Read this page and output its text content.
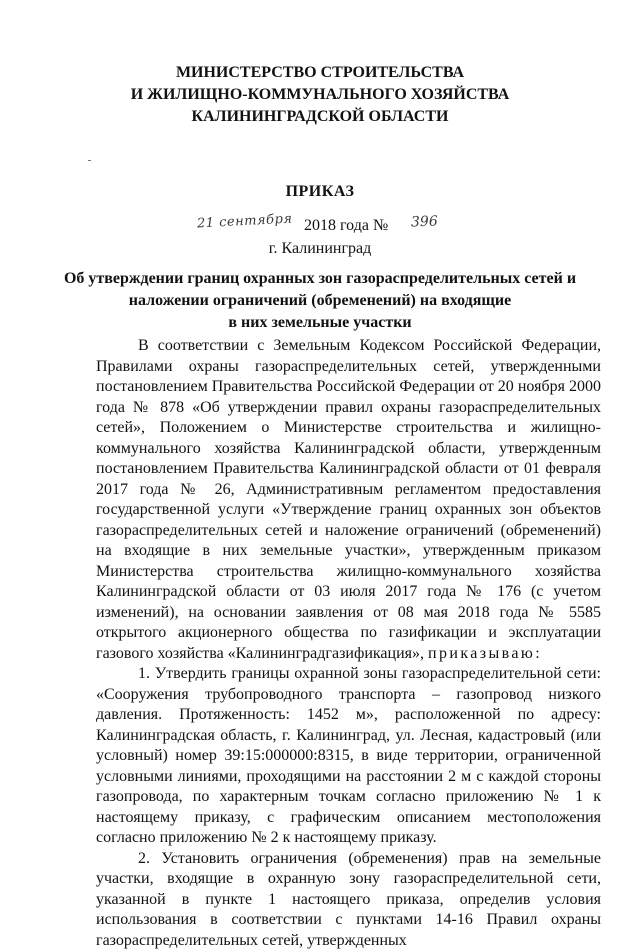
МИНИСТЕРСТВО СТРОИТЕЛЬСТВА
И ЖИЛИЩНО-КОММУНАЛЬНОГО ХОЗЯЙСТВА
КАЛИНИНГРАДСКОЙ ОБЛАСТИ
ПРИКАЗ
21 сентября 2018 года № 396
г. Калининград
Об утверждении границ охранных зон газораспределительных сетей и
наложении ограничений (обременений) на входящие
в них земельные участки

В соответствии с Земельным Кодексом Российской Федерации, Правилами охраны газораспределительных сетей, утвержденными постановлением Правительства Российской Федерации от 20 ноября 2000 года № 878 «Об утверждении правил охраны газораспределительных сетей», Положением о Министерстве строительства и жилищно-коммунального хозяйства Калининградской области, утвержденным постановлением Правительства Калининградской области от 01 февраля 2017 года № 26, Административным регламентом предоставления государственной услуги «Утверждение границ охранных зон объектов газораспределительных сетей и наложение ограничений (обременений) на входящие в них земельные участки», утвержденным приказом Министерства строительства жилищно-коммунального хозяйства Калининградской области от 03 июля 2017 года № 176 (с учетом изменений), на основании заявления от 08 мая 2018 года № 5585 открытого акционерного общества по газификации и эксплуатации газового хозяйства «Калининградгазификация», приказываю:

1. Утвердить границы охранной зоны газораспределительной сети: «Сооружения трубопроводного транспорта – газопровод низкого давления. Протяженность: 1452 м», расположенной по адресу: Калининградская область, г. Калининград, ул. Лесная, кадастровый (или условный) номер 39:15:000000:8315, в виде территории, ограниченной условными линиями, проходящими на расстоянии 2 м с каждой стороны газопровода, по характерным точкам согласно приложению № 1 к настоящему приказу, с графическим описанием местоположения согласно приложению № 2 к настоящему приказу.

2. Установить ограничения (обременения) прав на земельные участки, входящие в охранную зону газораспределительной сети, указанной в пункте 1 настоящего приказа, определив условия использования в соответствии с пунктами 14-16 Правил охраны газораспределительных сетей, утвержденных
